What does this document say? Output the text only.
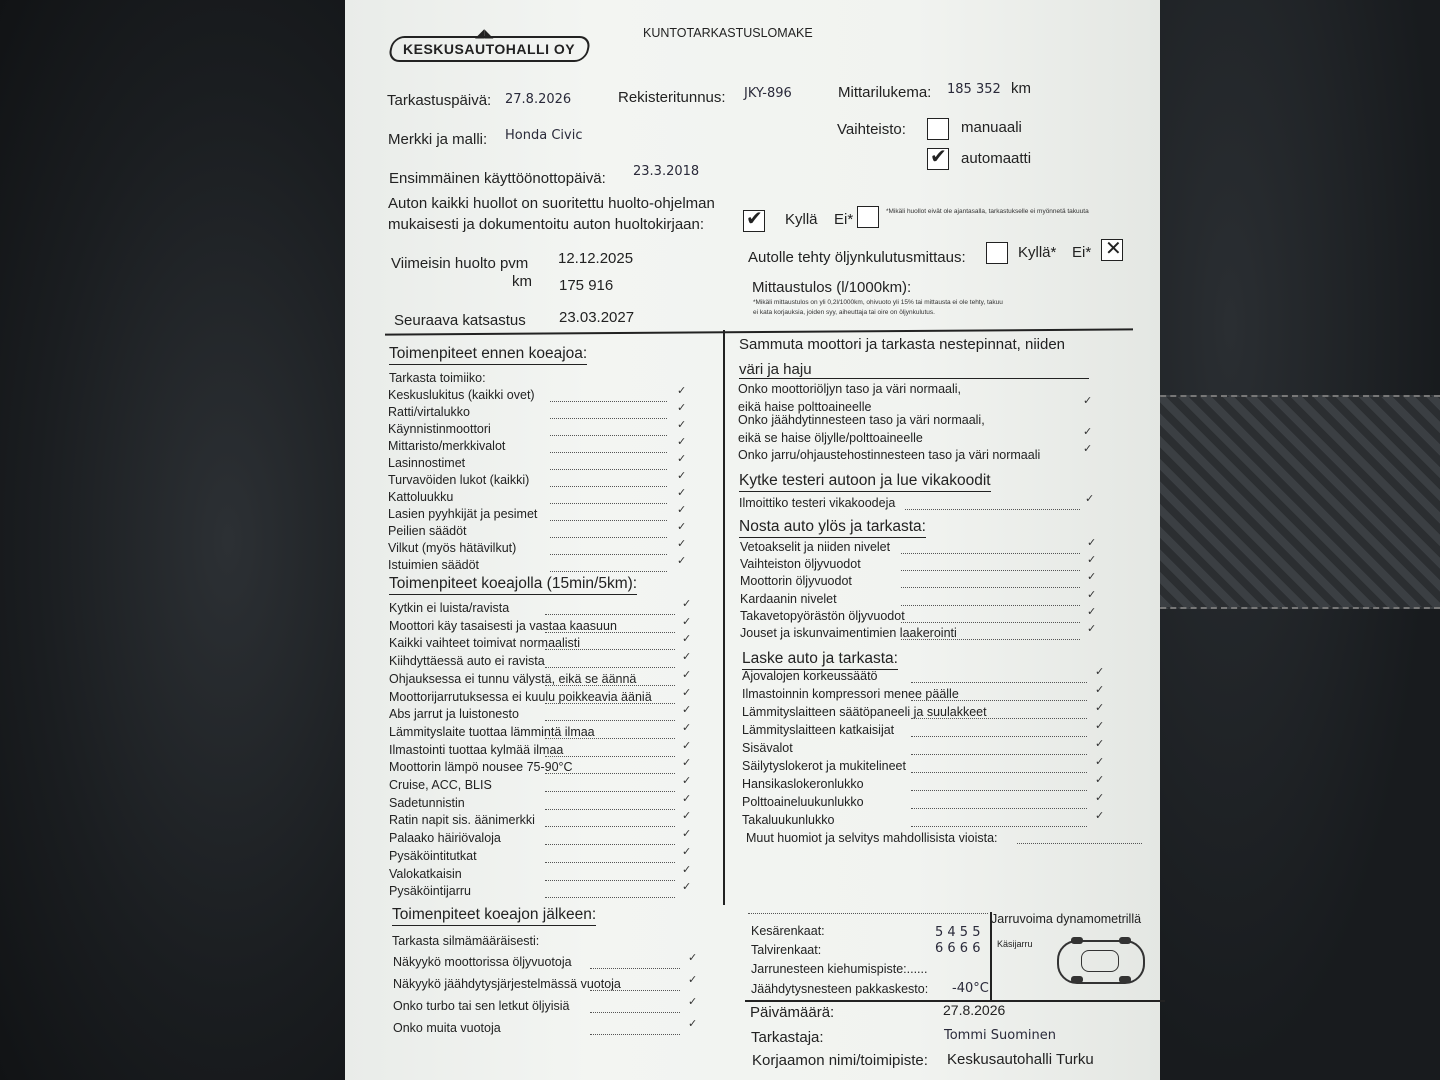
◢◣
KESKUSAUTOHALLI OY
KUNTOTARKASTUSLOMAKE
Tarkastuspäivä: 27.8.2026	Rekisteritunnus: JKY-896	Mittarilukema: 185 352 km
Merkki ja malli: Honda Civic	Vaihteisto:	manuaali
✔ automaatti
Ensimmäinen käyttöönottopäivä: 23.3.2018
Auton kaikki huollot on suoritettu huolto-ohjelman
mukaisesti ja dokumentoitu auton huoltokirjaan: ✔ Kyllä Ei*	*Mikäli huollot eivät ole ajantasalla, tarkastukselle ei myönnetä takuuta
Viimeisin huolto pvm 12.12.2025
km 175 916
Seuraava katsastus 23.03.2027
Autolle tehty öljynkulutusmittaus:	Kyllä* Ei* ✕
Mittaustulos (l/1000km):
*Mikäli mittaustulos on yli 0,2l/1000km, ohivuoto yli 15% tai mittausta ei ole tehty, takuu
ei kata korjauksia, joiden syy, aiheuttaja tai oire on öljynkulutus.
Toimenpiteet ennen koeajoa:
Tarkasta toimiiko:
Toimenpiteet koeajolla (15min/5km):
Toimenpiteet koeajon jälkeen:
Tarkasta silmämääräisesti:
Keskuslukitus (kaikki ovet)	✓
Ratti/virtalukko	✓
Käynnistinmoottori	✓
Mittaristo/merkkivalot	✓
Lasinnostimet	✓
Turvavöiden lukot (kaikki)	✓
Kattoluukku	✓
Lasien pyyhkijät ja pesimet	✓
Peilien säädöt	✓
Vilkut (myös hätävilkut)	✓
Istuimien säädöt	✓
Kytkin ei luista/ravista	✓
Moottori käy tasaisesti ja vastaa kaasuun	✓
Kaikki vaihteet toimivat normaalisti	✓
Kiihdyttäessä auto ei ravista	✓
Ohjauksessa ei tunnu välystä, eikä se äännä	✓
Moottorijarrutuksessa ei kuulu poikkeavia ääniä	✓
Abs jarrut ja luistonesto	✓
Lämmityslaite tuottaa lämmintä ilmaa	✓
Ilmastointi tuottaa kylmää ilmaa	✓
Moottorin lämpö nousee 75-90°C	✓
Cruise, ACC, BLIS	✓
Sadetunnistin	✓
Ratin napit sis. äänimerkki	✓
Palaako häiriövaloja	✓
Pysäköintitutkat	✓
Valokatkaisin	✓
Pysäköintijarru	✓
Näkyykö moottorissa öljyvuotoja	✓
Näkyykö jäähdytysjärjestelmässä vuotoja	✓
Onko turbo tai sen letkut öljyisiä	✓
Onko muita vuotoja	✓
Sammuta moottori ja tarkasta nestepinnat, niiden
väri ja haju
Kytke testeri autoon ja lue vikakoodit
Nosta auto ylös ja tarkasta:
Laske auto ja tarkasta:
Muut huomiot ja selvitys mahdollisista vioista:
Kesärenkaat:	5 4 5 5
Talvirenkaat:	6 6 6 6
Jarrunesteen kiehumispiste:......
Jäähdytysnesteen pakkaskesto: -40°C
Jarruvoima dynamometrillä
Käsijarru
Päivämäärä:	27.8.2026
Tarkastaja:	Tommi Suominen
Korjaamon nimi/toimipiste: Keskusautohalli Turku
Onko moottoriöljyn taso ja väri normaali,
eikä haise polttoaineelle	✓
Onko jäähdytinnesteen taso ja väri normaali,
eikä se haise öljylle/polttoaineelle	✓
Onko jarru/ohjaustehostinnesteen taso ja väri normaali	✓
Ilmoittiko testeri vikakoodeja	✓
Vetoakselit ja niiden nivelet	✓
Vaihteiston öljyvuodot	✓
Moottorin öljyvuodot	✓
Kardaanin nivelet	✓
Takavetopyörästön öljyvuodot	✓
Jouset ja iskunvaimentimien laakerointi	✓
Ajovalojen korkeussäätö	✓
Ilmastoinnin kompressori menee päälle	✓
Lämmityslaitteen säätöpaneeli ja suulakkeet	✓
Lämmityslaitteen katkaisijat	✓
Sisävalot	✓
Säilytyslokerot ja mukitelineet	✓
Hansikaslokeronlukko	✓
Polttoaineluukunlukko	✓
Takaluukunlukko	✓
